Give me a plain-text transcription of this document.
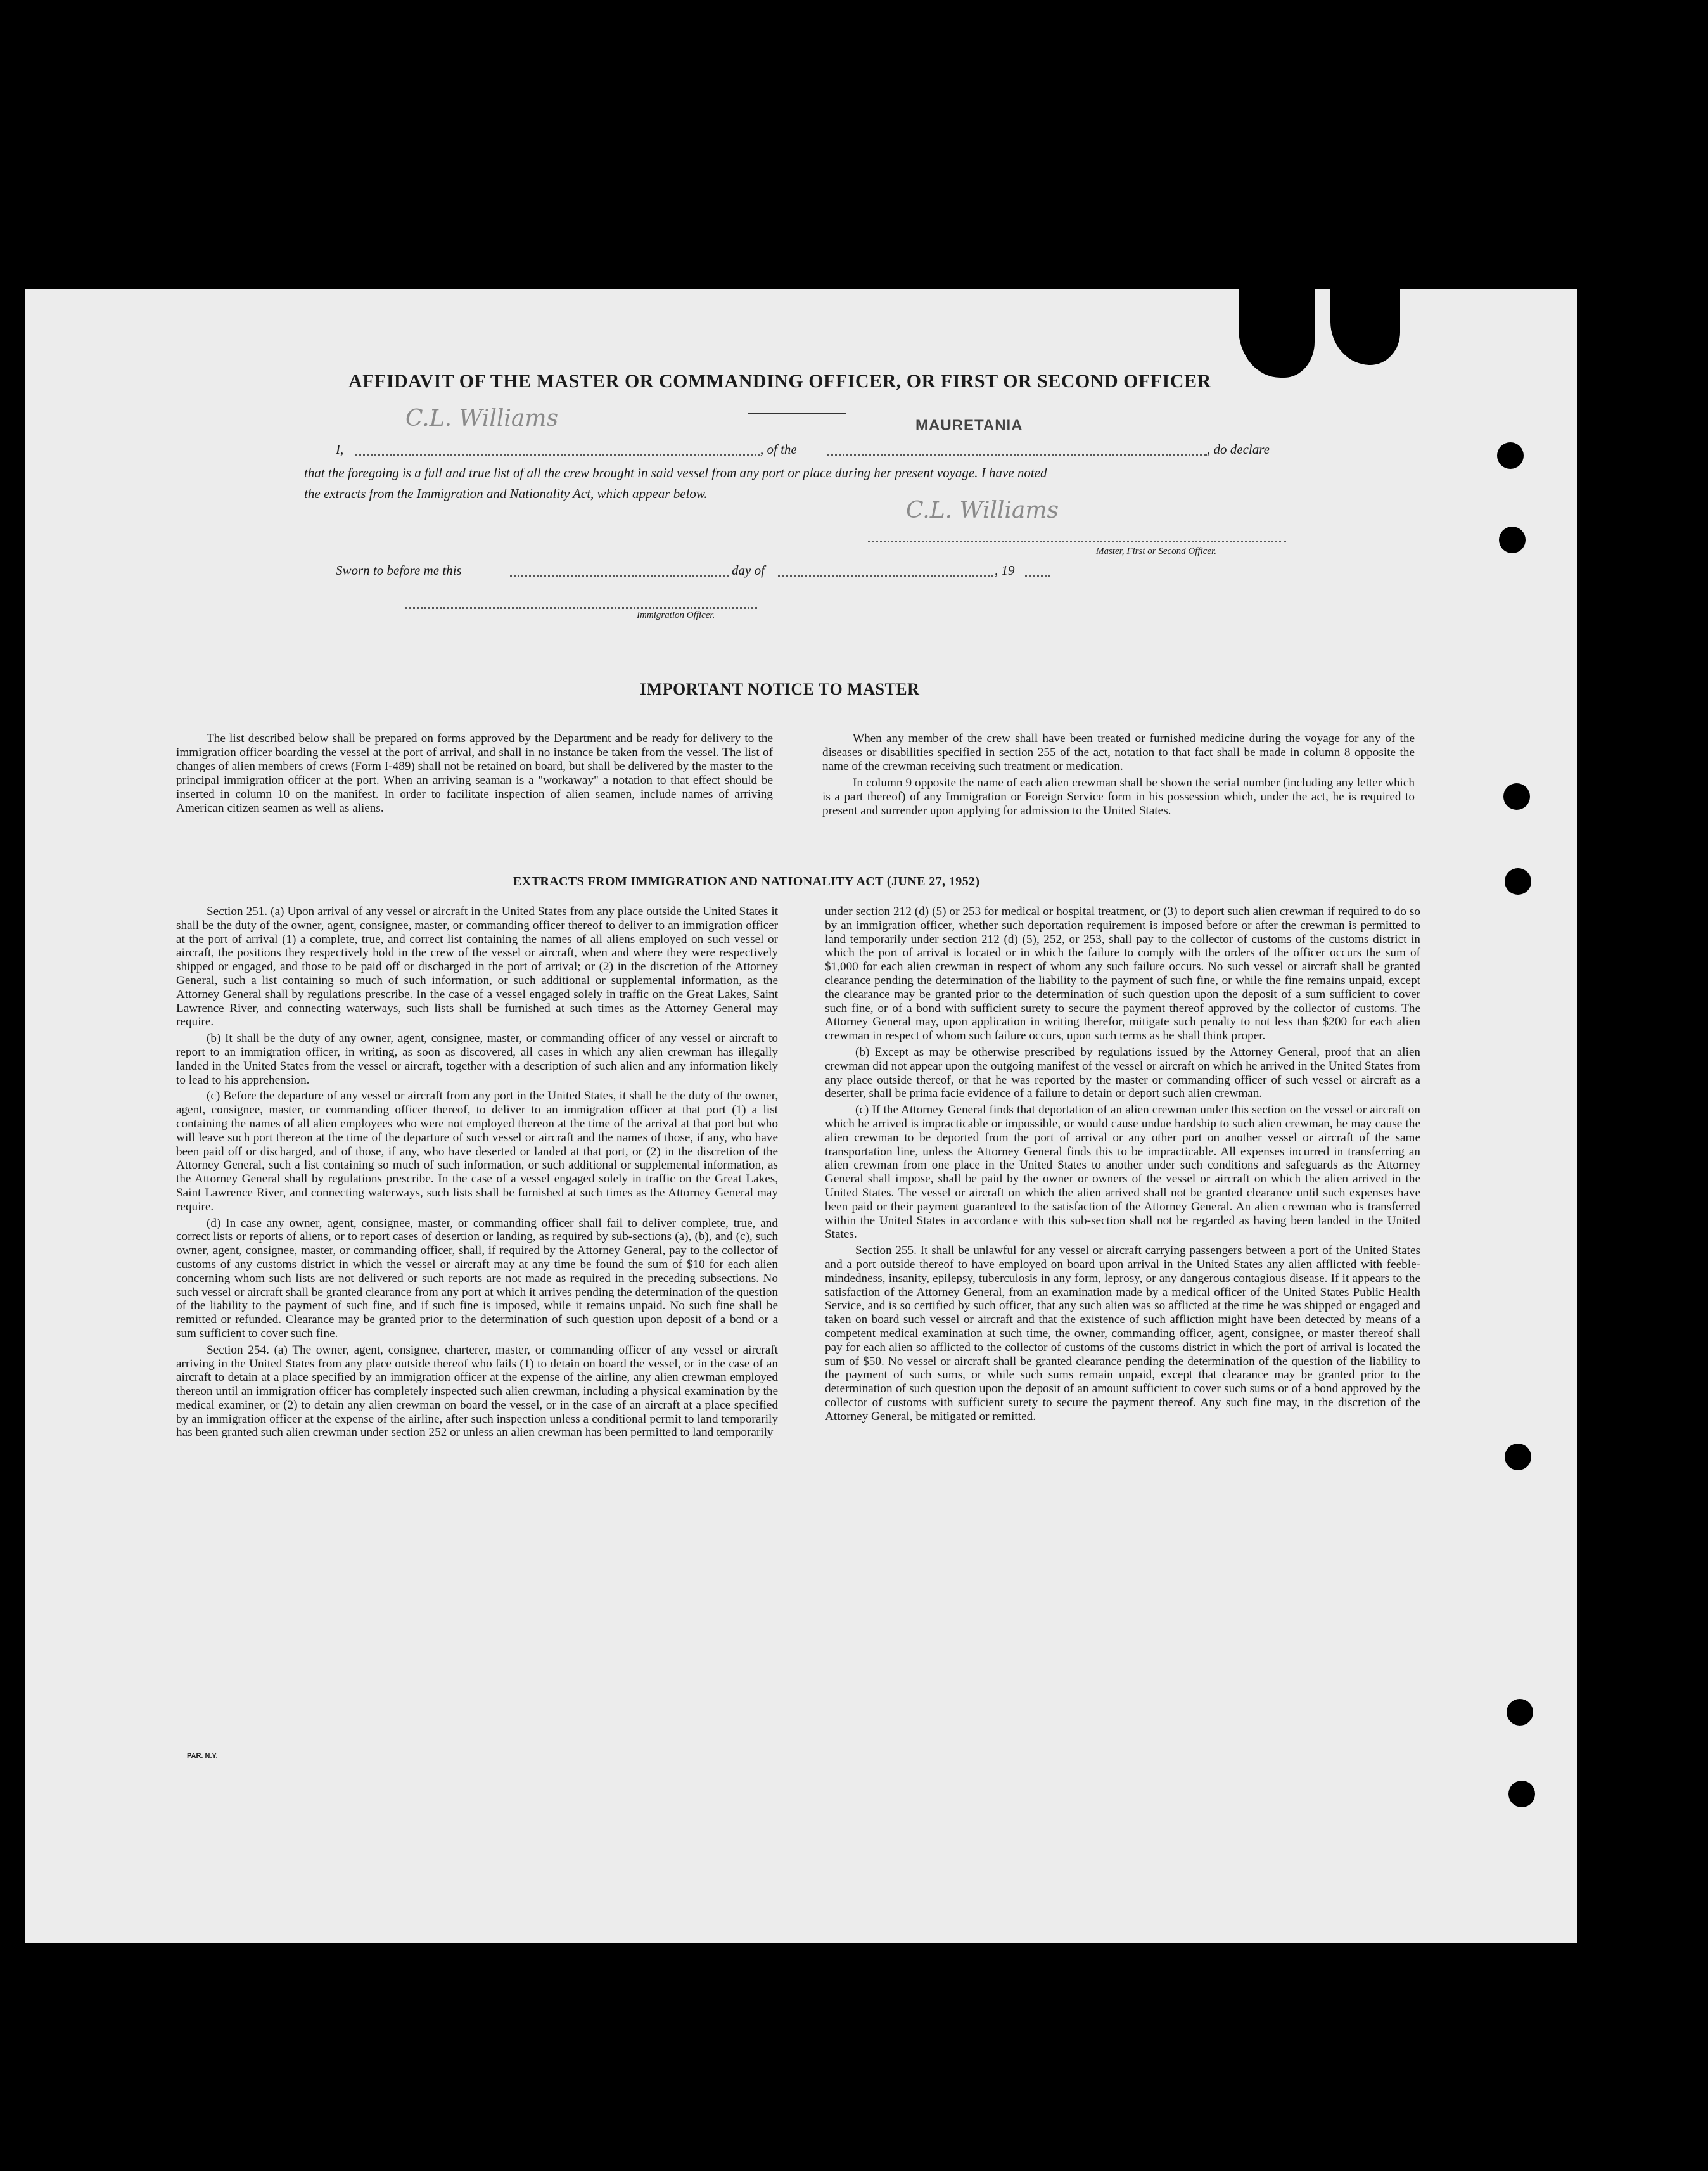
AFFIDAVIT OF THE MASTER OR COMMANDING OFFICER, OR FIRST OR SECOND OFFICER
I,
C.L. Williams
, of the
MAURETANIA
, do declare
that the foregoing is a full and true list of all the crew brought in said vessel from any port or place during her present voyage. I have noted
the extracts from the Immigration and Nationality Act, which appear below.
C.L. Williams
Master, First or Second Officer.
Sworn to before me this	day of	, 19
Immigration Officer.
IMPORTANT NOTICE TO MASTER

The list described below shall be prepared on forms approved by the Department and be ready for delivery to the immigration officer boarding the vessel at the port of arrival, and shall in no instance be taken from the vessel. The list of changes of alien members of crews (Form I-489) shall not be retained on board, but shall be delivered by the master to the principal immigration officer at the port. When an arriving seaman is a "workaway" a notation to that effect should be inserted in column 10 on the manifest. In order to facilitate inspection of alien seamen, include names of arriving American citizen seamen as well as aliens.

When any member of the crew shall have been treated or furnished medicine during the voyage for any of the diseases or disabilities specified in section 255 of the act, notation to that fact shall be made in column 8 opposite the name of the crewman receiving such treatment or medication.

In column 9 opposite the name of each alien crewman shall be shown the serial number (including any letter which is a part thereof) of any Immigration or Foreign Service form in his possession which, under the act, he is required to present and surrender upon applying for admission to the United States.

EXTRACTS FROM IMMIGRATION AND NATIONALITY ACT (JUNE 27, 1952)

Section 251. (a) Upon arrival of any vessel or aircraft in the United States from any place outside the United States it shall be the duty of the owner, agent, consignee, master, or commanding officer thereof to deliver to an immigration officer at the port of arrival (1) a complete, true, and correct list containing the names of all aliens employed on such vessel or aircraft, the positions they respectively hold in the crew of the vessel or aircraft, when and where they were respectively shipped or engaged, and those to be paid off or discharged in the port of arrival; or (2) in the discretion of the Attorney General, such a list containing so much of such information, or such additional or supplemental information, as the Attorney General shall by regulations prescribe. In the case of a vessel engaged solely in traffic on the Great Lakes, Saint Lawrence River, and connecting waterways, such lists shall be furnished at such times as the Attorney General may require.

(b) It shall be the duty of any owner, agent, consignee, master, or commanding officer of any vessel or aircraft to report to an immigration officer, in writing, as soon as discovered, all cases in which any alien crewman has illegally landed in the United States from the vessel or aircraft, together with a description of such alien and any information likely to lead to his apprehension.

(c) Before the departure of any vessel or aircraft from any port in the United States, it shall be the duty of the owner, agent, consignee, master, or commanding officer thereof, to deliver to an immigration officer at that port (1) a list containing the names of all alien employees who were not employed thereon at the time of the arrival at that port but who will leave such port thereon at the time of the departure of such vessel or aircraft and the names of those, if any, who have been paid off or discharged, and of those, if any, who have deserted or landed at that port, or (2) in the discretion of the Attorney General, such a list containing so much of such information, or such additional or supplemental information, as the Attorney General shall by regulations prescribe. In the case of a vessel engaged solely in traffic on the Great Lakes, Saint Lawrence River, and connecting waterways, such lists shall be furnished at such times as the Attorney General may require.

(d) In case any owner, agent, consignee, master, or commanding officer shall fail to deliver complete, true, and correct lists or reports of aliens, or to report cases of desertion or landing, as required by sub-sections (a), (b), and (c), such owner, agent, consignee, master, or commanding officer, shall, if required by the Attorney General, pay to the collector of customs of any customs district in which the vessel or aircraft may at any time be found the sum of $10 for each alien concerning whom such lists are not delivered or such reports are not made as required in the preceding subsections. No such vessel or aircraft shall be granted clearance from any port at which it arrives pending the determination of the question of the liability to the payment of such fine, and if such fine is imposed, while it remains unpaid. No such fine shall be remitted or refunded. Clearance may be granted prior to the determination of such question upon deposit of a bond or a sum sufficient to cover such fine.

Section 254. (a) The owner, agent, consignee, charterer, master, or commanding officer of any vessel or aircraft arriving in the United States from any place outside thereof who fails (1) to detain on board the vessel, or in the case of an aircraft to detain at a place specified by an immigration officer at the expense of the airline, any alien crewman employed thereon until an immigration officer has completely inspected such alien crewman, including a physical examination by the medical examiner, or (2) to detain any alien crewman on board the vessel, or in the case of an aircraft at a place specified by an immigration officer at the expense of the airline, after such inspection unless a conditional permit to land temporarily has been granted such alien crewman under section 252 or unless an alien crewman has been permitted to land temporarily

under section 212 (d) (5) or 253 for medical or hospital treatment, or (3) to deport such alien crewman if required to do so by an immigration officer, whether such deportation requirement is imposed before or after the crewman is permitted to land temporarily under section 212 (d) (5), 252, or 253, shall pay to the collector of customs of the customs district in which the port of arrival is located or in which the failure to comply with the orders of the officer occurs the sum of $1,000 for each alien crewman in respect of whom any such failure occurs. No such vessel or aircraft shall be granted clearance pending the determination of the liability to the payment of such fine, or while the fine remains unpaid, except the clearance may be granted prior to the determination of such question upon the deposit of a sum sufficient to cover such fine, or of a bond with sufficient surety to secure the payment thereof approved by the collector of customs. The Attorney General may, upon application in writing therefor, mitigate such penalty to not less than $200 for each alien crewman in respect of whom such failure occurs, upon such terms as he shall think proper.

(b) Except as may be otherwise prescribed by regulations issued by the Attorney General, proof that an alien crewman did not appear upon the outgoing manifest of the vessel or aircraft on which he arrived in the United States from any place outside thereof, or that he was reported by the master or commanding officer of such vessel or aircraft as a deserter, shall be prima facie evidence of a failure to detain or deport such alien crewman.

(c) If the Attorney General finds that deportation of an alien crewman under this section on the vessel or aircraft on which he arrived is impracticable or impossible, or would cause undue hardship to such alien crewman, he may cause the alien crewman to be deported from the port of arrival or any other port on another vessel or aircraft of the same transportation line, unless the Attorney General finds this to be impracticable. All expenses incurred in transferring an alien crewman from one place in the United States to another under such conditions and safeguards as the Attorney General shall impose, shall be paid by the owner or owners of the vessel or aircraft on which the alien arrived in the United States. The vessel or aircraft on which the alien arrived shall not be granted clearance until such expenses have been paid or their payment guaranteed to the satisfaction of the Attorney General. An alien crewman who is transferred within the United States in accordance with this sub-section shall not be regarded as having been landed in the United States.

Section 255. It shall be unlawful for any vessel or aircraft carrying passengers between a port of the United States and a port outside thereof to have employed on board upon arrival in the United States any alien afflicted with feeble-mindedness, insanity, epilepsy, tuberculosis in any form, leprosy, or any dangerous contagious disease. If it appears to the satisfaction of the Attorney General, from an examination made by a medical officer of the United States Public Health Service, and is so certified by such officer, that any such alien was so afflicted at the time he was shipped or engaged and taken on board such vessel or aircraft and that the existence of such affliction might have been detected by means of a competent medical examination at such time, the owner, commanding officer, agent, consignee, or master thereof shall pay for each alien so afflicted to the collector of customs of the customs district in which the port of arrival is located the sum of $50. No vessel or aircraft shall be granted clearance pending the determination of the question of the liability to the payment of such sums, or while such sums remain unpaid, except that clearance may be granted prior to the determination of such question upon the deposit of an amount sufficient to cover such sums or of a bond approved by the collector of customs with sufficient surety to secure the payment thereof. Any such fine may, in the discretion of the Attorney General, be mitigated or remitted.

PAR. N.Y.
